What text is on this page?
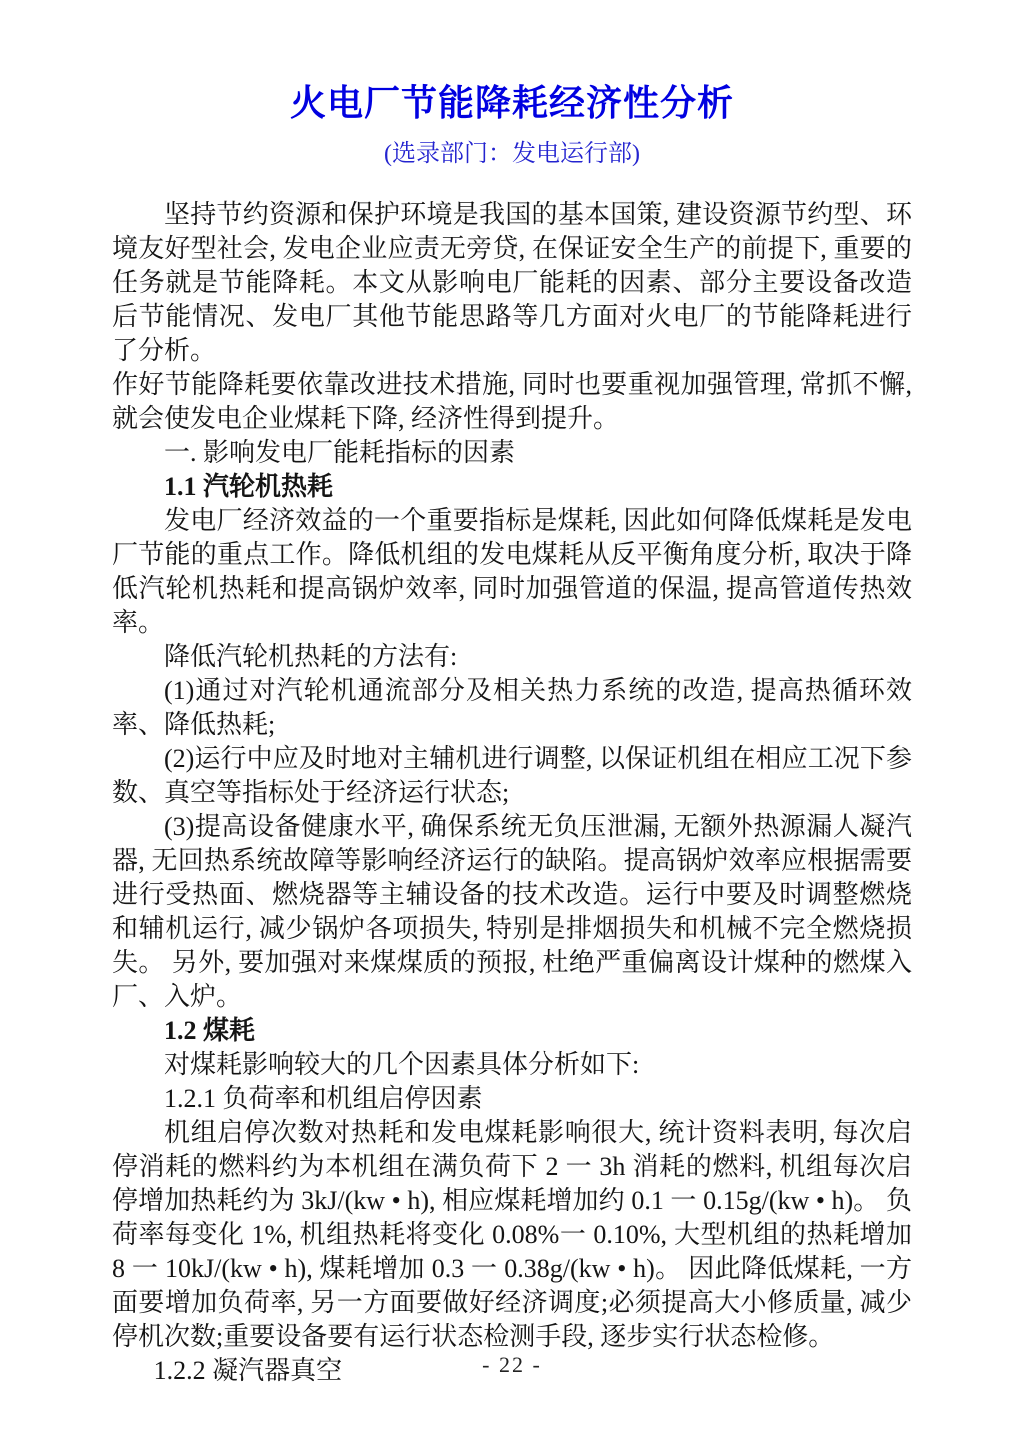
火电厂节能降耗经济性分析
(选录部门：发电运行部)

坚持节约资源和保护环境是我国的基本国策, 建设资源节约型、环境友好型社会, 发电企业应责无旁贷, 在保证安全生产的前提下, 重要的任务就是节能降耗。本文从影响电厂能耗的因素、部分主要设备改造后节能情况、发电厂其他节能思路等几方面对火电厂的节能降耗进行了分析。

作好节能降耗要依靠改进技术措施, 同时也要重视加强管理, 常抓不懈, 就会使发电企业煤耗下降, 经济性得到提升。

一. 影响发电厂能耗指标的因素

1.1 汽轮机热耗

发电厂经济效益的一个重要指标是煤耗, 因此如何降低煤耗是发电厂节能的重点工作。降低机组的发电煤耗从反平衡角度分析, 取决于降低汽轮机热耗和提高锅炉效率, 同时加强管道的保温, 提高管道传热效率。

降低汽轮机热耗的方法有:

(1)通过对汽轮机通流部分及相关热力系统的改造, 提高热循环效率、降低热耗;

(2)运行中应及时地对主辅机进行调整, 以保证机组在相应工况下参数、真空等指标处于经济运行状态;

(3)提高设备健康水平, 确保系统无负压泄漏, 无额外热源漏人凝汽器, 无回热系统故障等影响经济运行的缺陷。提高锅炉效率应根据需要进行受热面、燃烧器等主辅设备的技术改造。运行中要及时调整燃烧和辅机运行, 减少锅炉各项损失, 特别是排烟损失和机械不完全燃烧损失。 另外, 要加强对来煤煤质的预报, 杜绝严重偏离设计煤种的燃煤入厂、入炉。

1.2 煤耗

对煤耗影响较大的几个因素具体分析如下:

1.2.1 负荷率和机组启停因素

机组启停次数对热耗和发电煤耗影响很大, 统计资料表明, 每次启停消耗的燃料约为本机组在满负荷下 2 一 3h 消耗的燃料, 机组每次启停增加热耗约为 3kJ/(kw • h), 相应煤耗增加约 0.1 一 0.15g/(kw • h)。 负荷率每变化 1%, 机组热耗将变化 0.08%一 0.10%, 大型机组的热耗增加 8 一 10kJ/(kw • h), 煤耗增加 0.3 一 0.38g/(kw • h)。 因此降低煤耗, 一方面要增加负荷率, 另一方面要做好经济调度;必须提高大小修质量, 减少停机次数;重要设备要有运行状态检测手段, 逐步实行状态检修。

1.2.2 凝汽器真空	- 22 -
